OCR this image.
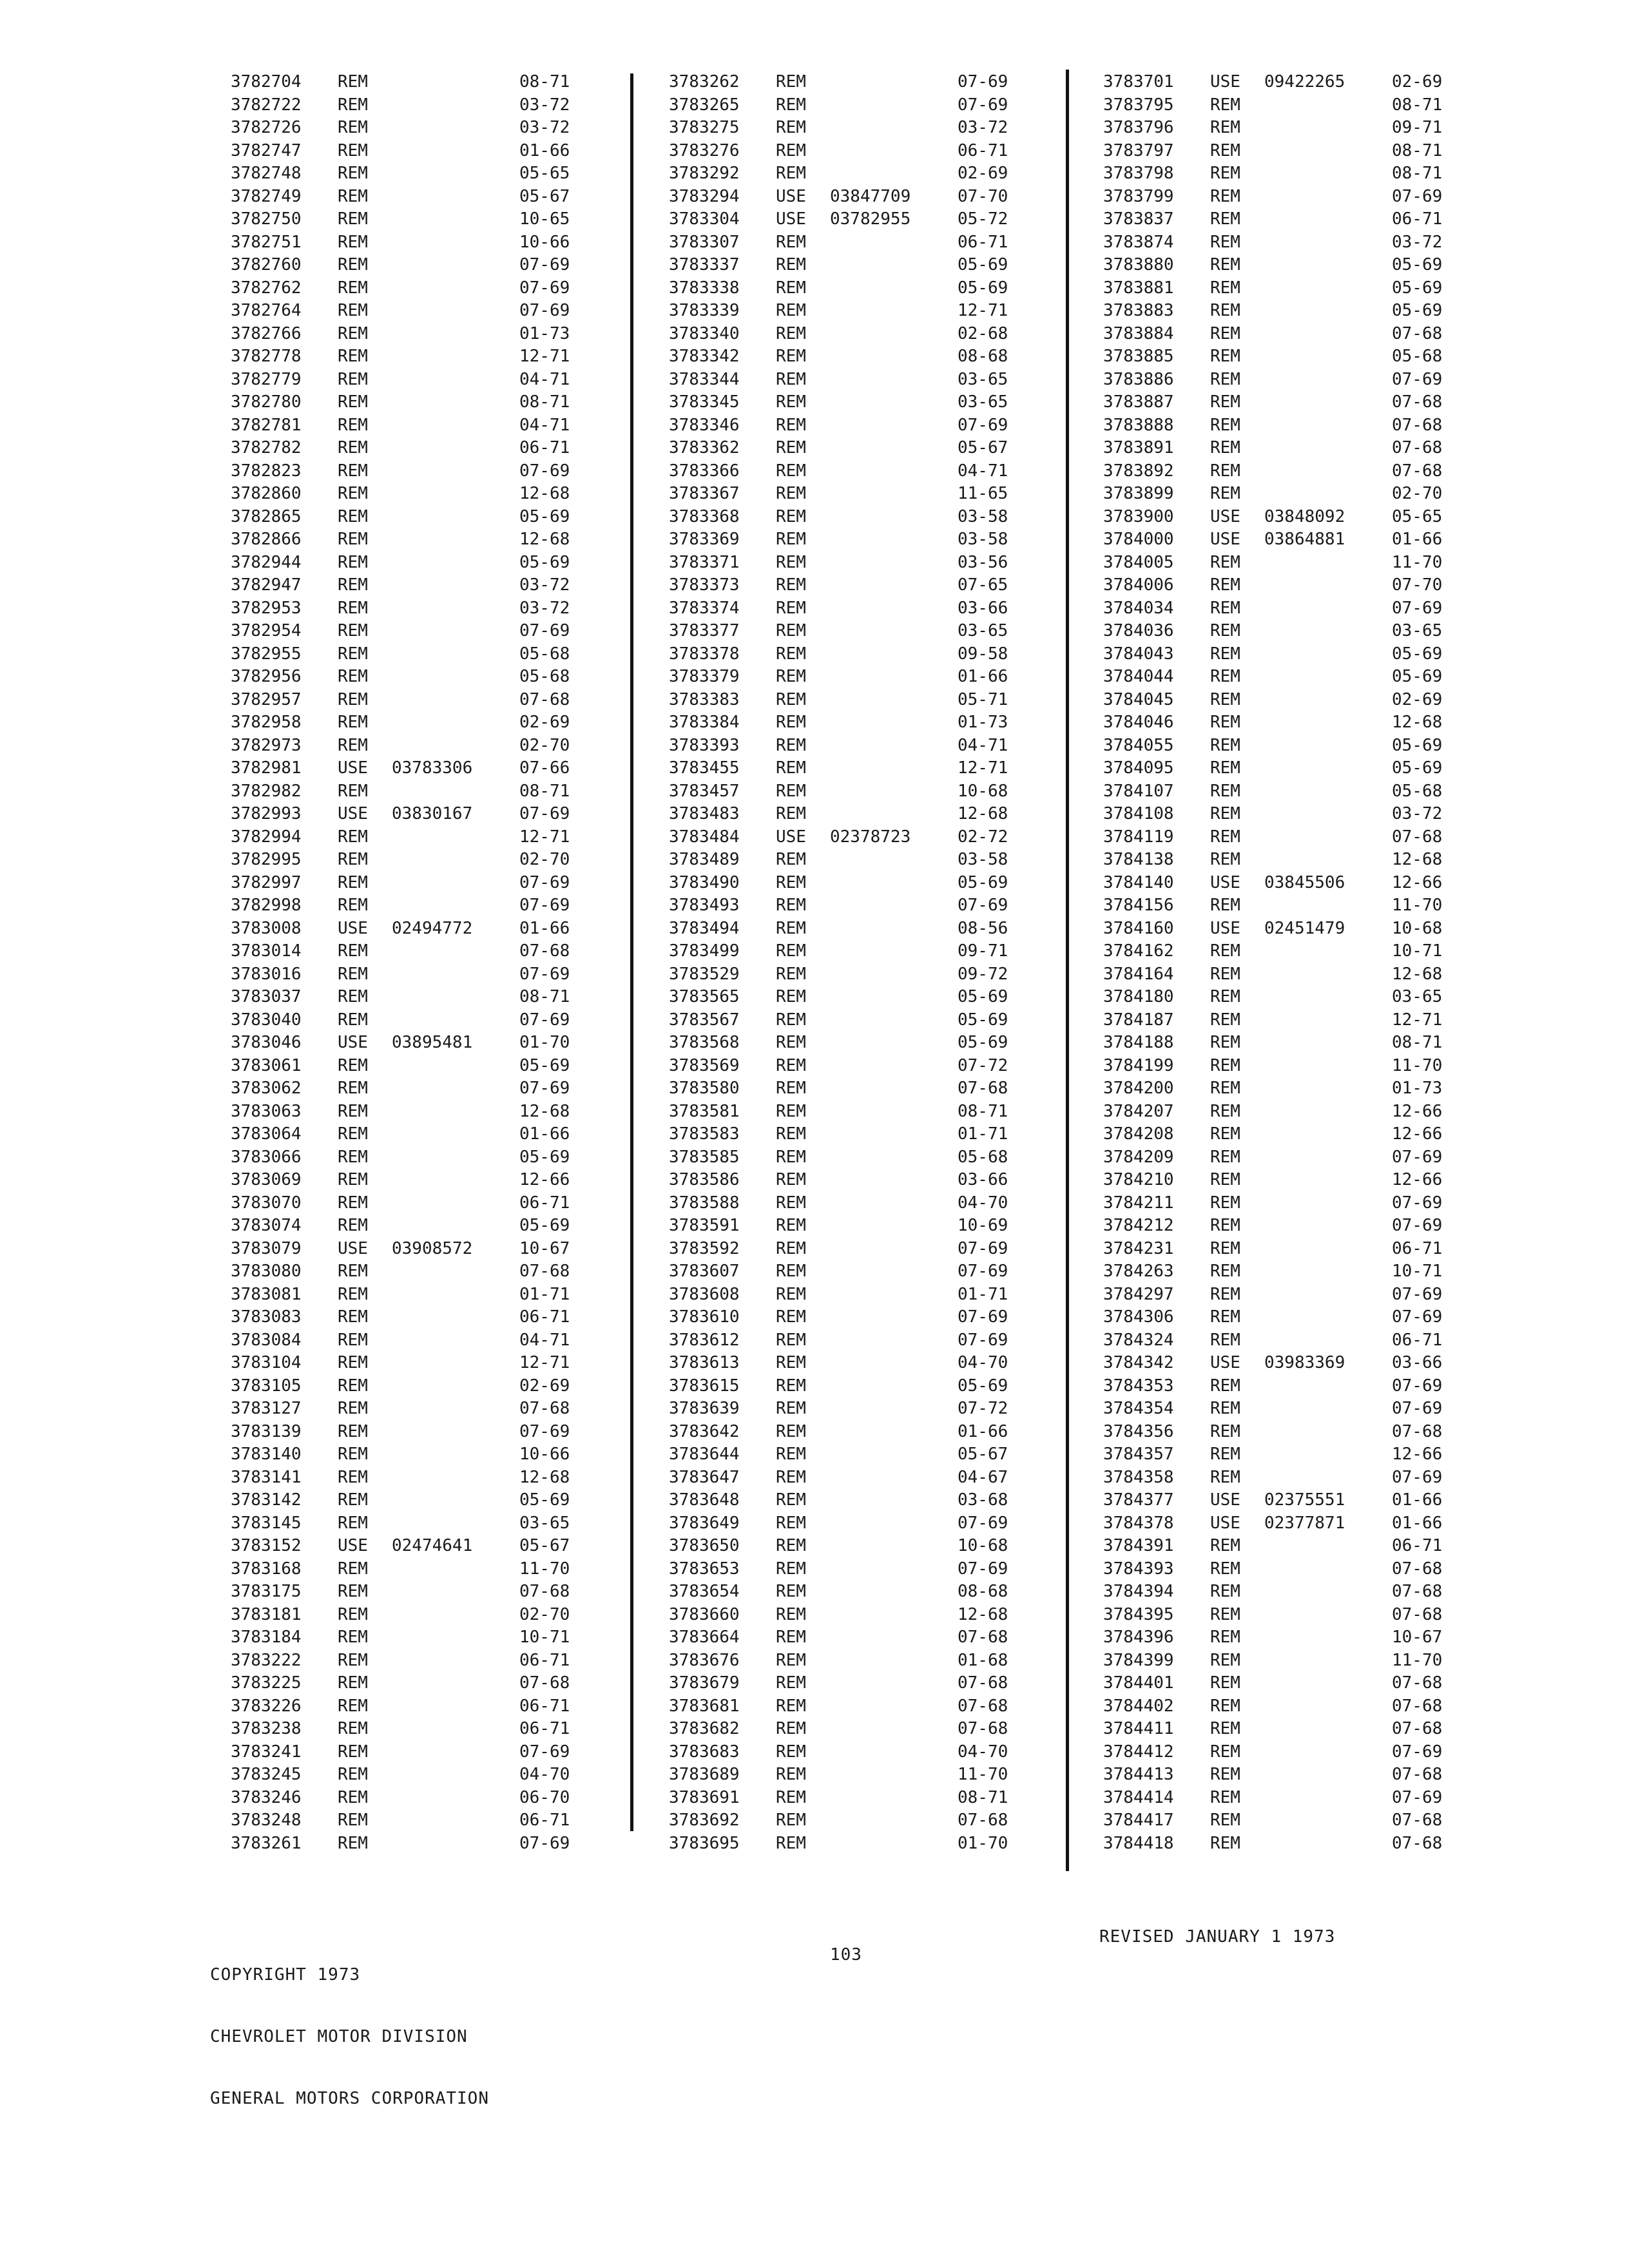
3782704 REM	08-71
3782722 REM	03-72
3782726 REM	03-72
3782747 REM	01-66
3782748 REM	05-65
3782749 REM	05-67
3782750 REM	10-65
3782751 REM	10-66
3782760 REM	07-69
3782762 REM	07-69
3782764 REM	07-69
3782766 REM	01-73
3782778 REM	12-71
3782779 REM	04-71
3782780 REM	08-71
3782781 REM	04-71
3782782 REM	06-71
3782823 REM	07-69
3782860 REM	12-68
3782865 REM	05-69
3782866 REM	12-68
3782944 REM	05-69
3782947 REM	03-72
3782953 REM	03-72
3782954 REM	07-69
3782955 REM	05-68
3782956 REM	05-68
3782957 REM	07-68
3782958 REM	02-69
3782973 REM	02-70
3782981 USE 03783306	07-66
3782982 REM	08-71
3782993 USE 03830167	07-69
3782994 REM	12-71
3782995 REM	02-70
3782997 REM	07-69
3782998 REM	07-69
3783008 USE 02494772	01-66
3783014 REM	07-68
3783016 REM	07-69
3783037 REM	08-71
3783040 REM	07-69
3783046 USE 03895481	01-70
3783061 REM	05-69
3783062 REM	07-69
3783063 REM	12-68
3783064 REM	01-66
3783066 REM	05-69
3783069 REM	12-66
3783070 REM	06-71
3783074 REM	05-69
3783079 USE 03908572	10-67
3783080 REM	07-68
3783081 REM	01-71
3783083 REM	06-71
3783084 REM	04-71
3783104 REM	12-71
3783105 REM	02-69
3783127 REM	07-68
3783139 REM	07-69
3783140 REM	10-66
3783141 REM	12-68
3783142 REM	05-69
3783145 REM	03-65
3783152 USE 02474641	05-67
3783168 REM	11-70
3783175 REM	07-68
3783181 REM	02-70
3783184 REM	10-71
3783222 REM	06-71
3783225 REM	07-68
3783226 REM	06-71
3783238 REM	06-71
3783241 REM	07-69
3783245 REM	04-70
3783246 REM	06-70
3783248 REM	06-71
3783261 REM	07-69
3783262 REM	07-69
3783265 REM	07-69
3783275 REM	03-72
3783276 REM	06-71
3783292 REM	02-69
3783294 USE 03847709	07-70
3783304 USE 03782955	05-72
3783307 REM	06-71
3783337 REM	05-69
3783338 REM	05-69
3783339 REM	12-71
3783340 REM	02-68
3783342 REM	08-68
3783344 REM	03-65
3783345 REM	03-65
3783346 REM	07-69
3783362 REM	05-67
3783366 REM	04-71
3783367 REM	11-65
3783368 REM	03-58
3783369 REM	03-58
3783371 REM	03-56
3783373 REM	07-65
3783374 REM	03-66
3783377 REM	03-65
3783378 REM	09-58
3783379 REM	01-66
3783383 REM	05-71
3783384 REM	01-73
3783393 REM	04-71
3783455 REM	12-71
3783457 REM	10-68
3783483 REM	12-68
3783484 USE 02378723	02-72
3783489 REM	03-58
3783490 REM	05-69
3783493 REM	07-69
3783494 REM	08-56
3783499 REM	09-71
3783529 REM	09-72
3783565 REM	05-69
3783567 REM	05-69
3783568 REM	05-69
3783569 REM	07-72
3783580 REM	07-68
3783581 REM	08-71
3783583 REM	01-71
3783585 REM	05-68
3783586 REM	03-66
3783588 REM	04-70
3783591 REM	10-69
3783592 REM	07-69
3783607 REM	07-69
3783608 REM	01-71
3783610 REM	07-69
3783612 REM	07-69
3783613 REM	04-70
3783615 REM	05-69
3783639 REM	07-72
3783642 REM	01-66
3783644 REM	05-67
3783647 REM	04-67
3783648 REM	03-68
3783649 REM	07-69
3783650 REM	10-68
3783653 REM	07-69
3783654 REM	08-68
3783660 REM	12-68
3783664 REM	07-68
3783676 REM	01-68
3783679 REM	07-68
3783681 REM	07-68
3783682 REM	07-68
3783683 REM	04-70
3783689 REM	11-70
3783691 REM	08-71
3783692 REM	07-68
3783695 REM	01-70
3783701 USE 09422265	02-69
3783795 REM	08-71
3783796 REM	09-71
3783797 REM	08-71
3783798 REM	08-71
3783799 REM	07-69
3783837 REM	06-71
3783874 REM	03-72
3783880 REM	05-69
3783881 REM	05-69
3783883 REM	05-69
3783884 REM	07-68
3783885 REM	05-68
3783886 REM	07-69
3783887 REM	07-68
3783888 REM	07-68
3783891 REM	07-68
3783892 REM	07-68
3783899 REM	02-70
3783900 USE 03848092	05-65
3784000 USE 03864881	01-66
3784005 REM	11-70
3784006 REM	07-70
3784034 REM	07-69
3784036 REM	03-65
3784043 REM	05-69
3784044 REM	05-69
3784045 REM	02-69
3784046 REM	12-68
3784055 REM	05-69
3784095 REM	05-69
3784107 REM	05-68
3784108 REM	03-72
3784119 REM	07-68
3784138 REM	12-68
3784140 USE 03845506	12-66
3784156 REM	11-70
3784160 USE 02451479	10-68
3784162 REM	10-71
3784164 REM	12-68
3784180 REM	03-65
3784187 REM	12-71
3784188 REM	08-71
3784199 REM	11-70
3784200 REM	01-73
3784207 REM	12-66
3784208 REM	12-66
3784209 REM	07-69
3784210 REM	12-66
3784211 REM	07-69
3784212 REM	07-69
3784231 REM	06-71
3784263 REM	10-71
3784297 REM	07-69
3784306 REM	07-69
3784324 REM	06-71
3784342 USE 03983369	03-66
3784353 REM	07-69
3784354 REM	07-69
3784356 REM	07-68
3784357 REM	12-66
3784358 REM	07-69
3784377 USE 02375551	01-66
3784378 USE 02377871	01-66
3784391 REM	06-71
3784393 REM	07-68
3784394 REM	07-68
3784395 REM	07-68
3784396 REM	10-67
3784399 REM	11-70
3784401 REM	07-68
3784402 REM	07-68
3784411 REM	07-68
3784412 REM	07-69
3784413 REM	07-68
3784414 REM	07-69
3784417 REM	07-68
3784418 REM	07-68

COPYRIGHT 1973

CHEVROLET MOTOR DIVISION

GENERAL MOTORS CORPORATION

103
REVISED JANUARY 1 1973
